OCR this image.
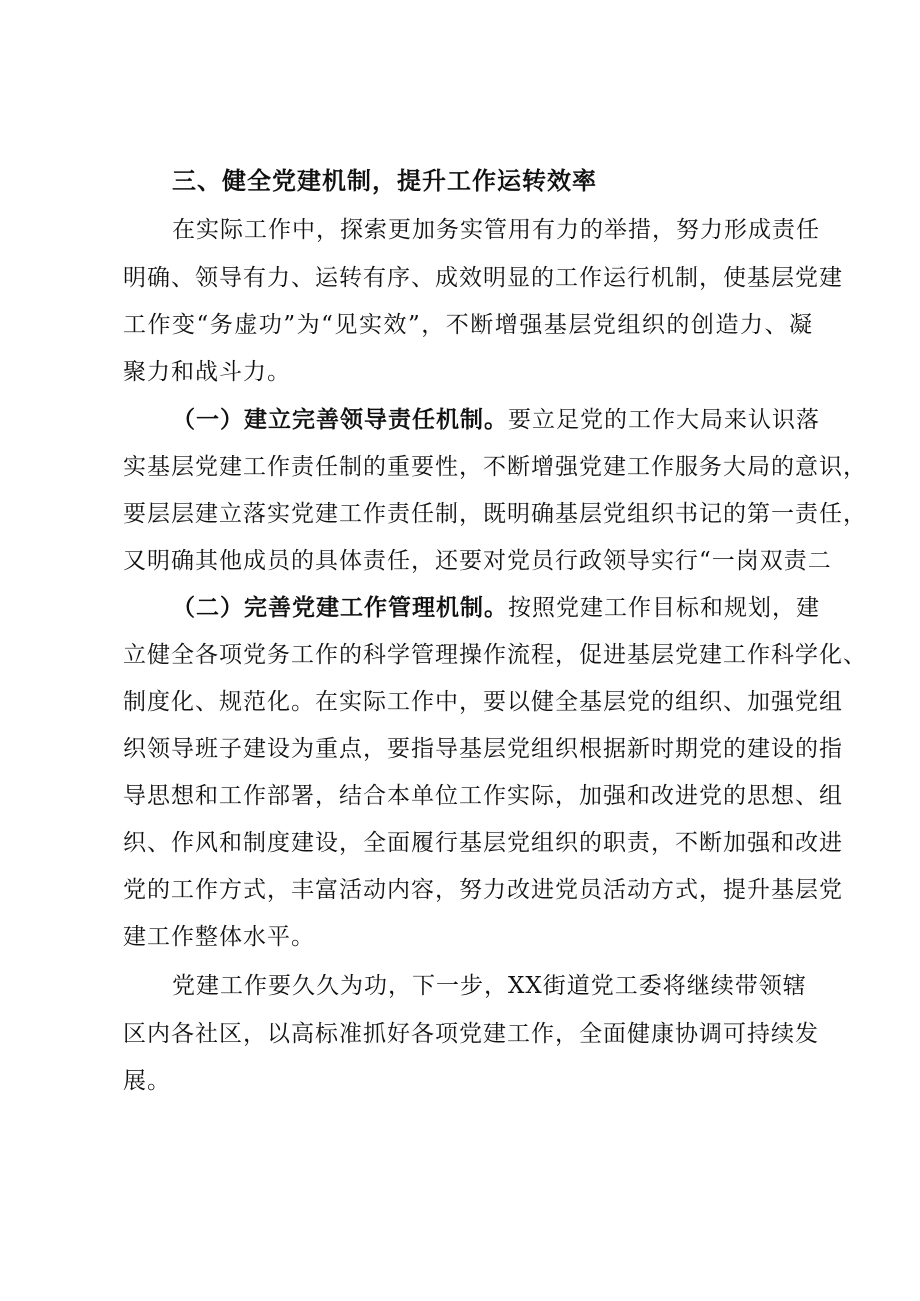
三、健全党建机制，提升工作运转效率
在实际工作中，探索更加务实管用有力的举措，努力形成责任
明确、领导有力、运转有序、成效明显的工作运行机制，使基层党建
工作变“务虚功”为“见实效”，不断增强基层党组织的创造力、凝
聚力和战斗力。
（一）建立完善领导责任机制。要立足党的工作大局来认识落
实基层党建工作责任制的重要性，不断增强党建工作服务大局的意识，
要层层建立落实党建工作责任制，既明确基层党组织书记的第一责任，
又明确其他成员的具体责任，还要对党员行政领导实行“一岗双责二
（二）完善党建工作管理机制。按照党建工作目标和规划，建
立健全各项党务工作的科学管理操作流程，促进基层党建工作科学化、
制度化、规范化。在实际工作中，要以健全基层党的组织、加强党组
织领导班子建设为重点，要指导基层党组织根据新时期党的建设的指
导思想和工作部署，结合本单位工作实际，加强和改进党的思想、组
织、作风和制度建设，全面履行基层党组织的职责，不断加强和改进
党的工作方式，丰富活动内容，努力改进党员活动方式，提升基层党
建工作整体水平。
党建工作要久久为功，下一步，XX街道党工委将继续带领辖
区内各社区，以高标准抓好各项党建工作，全面健康协调可持续发
展。
